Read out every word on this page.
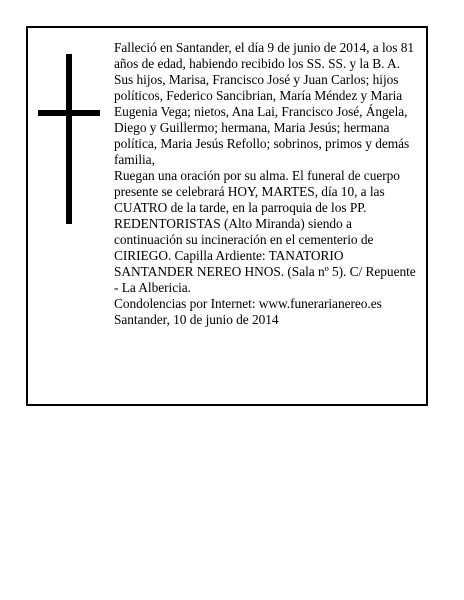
Falleció en Santander, el día 9 de junio de 2014, a los 81 años de edad, habiendo recibido los SS. SS. y la B. A.

Sus hijos, Marisa, Francisco José y Juan Carlos; hijos políticos, Federico Sancibrian, María Méndez y Maria Eugenia Vega; nietos, Ana Lai, Francisco José, Ángela, Diego y Guillermo; hermana, Maria Jesús; hermana política, Maria Jesús Refollo; sobrinos, primos y demás familia,

Ruegan una oración por su alma. El funeral de cuerpo presente se celebrará HOY, MARTES, día 10, a las CUATRO de la tarde, en la parroquia de los PP. REDENTORISTAS (Alto Miranda) siendo a continuación su incineración en el cementerio de CIRIEGO. Capilla Ardiente: TANATORIO SANTANDER NEREO HNOS. (Sala nº 5). C/ Repuente - La Albericia.

Condolencias por Internet: www.funerarianereo.es

Santander, 10 de junio de 2014
